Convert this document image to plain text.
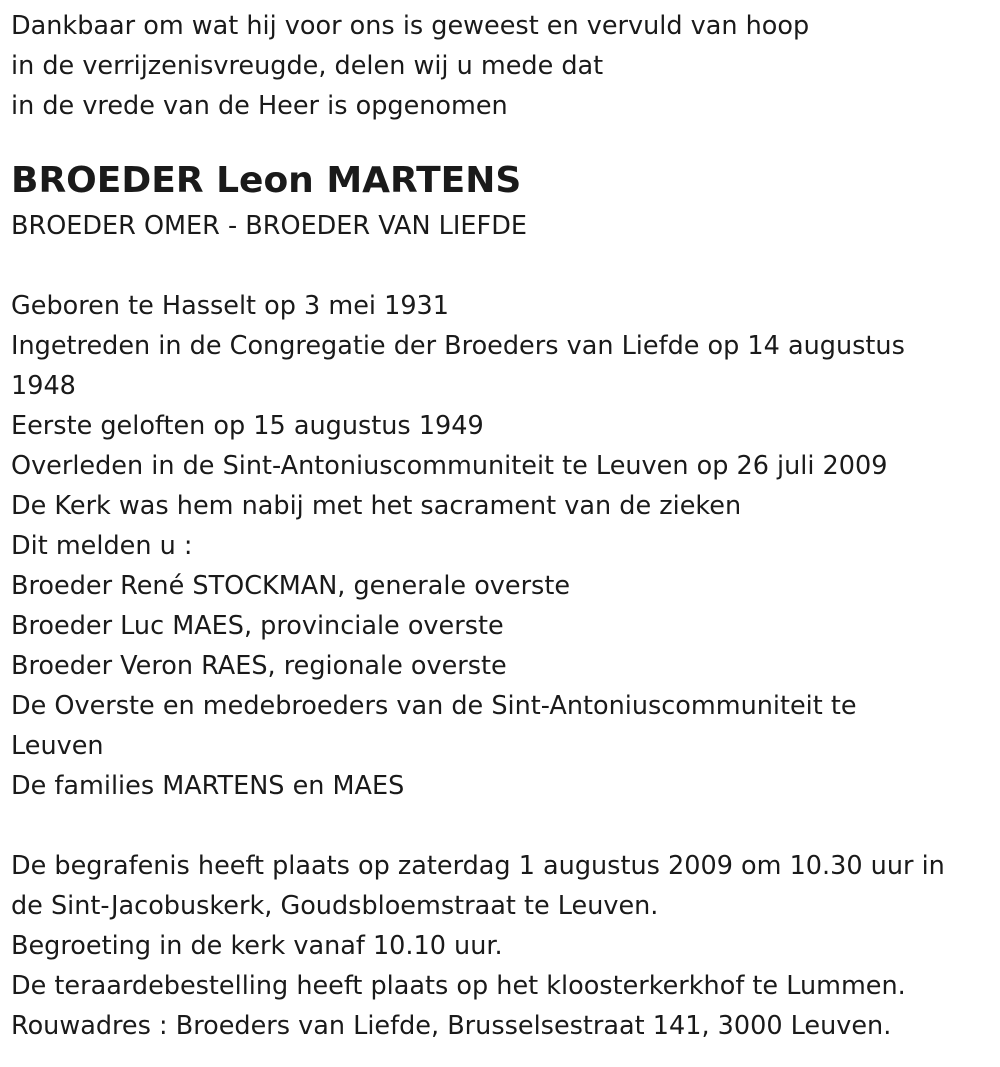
Dankbaar om wat hij voor ons is geweest en vervuld van hoop
in de verrijzenisvreugde, delen wij u mede dat
in de vrede van de Heer is opgenomen
BROEDER Leon MARTENS
BROEDER OMER - BROEDER VAN LIEFDE
Geboren te Hasselt op 3 mei 1931
Ingetreden in de Congregatie der Broeders van Liefde op 14 augustus
1948
Eerste geloften op 15 augustus 1949
Overleden in de Sint-Antoniuscommuniteit te Leuven op 26 juli 2009
De Kerk was hem nabij met het sacrament van de zieken
Dit melden u :
Broeder René STOCKMAN, generale overste
Broeder Luc MAES, provinciale overste
Broeder Veron RAES, regionale overste
De Overste en medebroeders van de Sint-Antoniuscommuniteit te
Leuven
De families MARTENS en MAES
De begrafenis heeft plaats op zaterdag 1 augustus 2009 om 10.30 uur in
de Sint-Jacobuskerk, Goudsbloemstraat te Leuven.
Begroeting in de kerk vanaf 10.10 uur.
De teraardebestelling heeft plaats op het kloosterkerkhof te Lummen.
Rouwadres : Broeders van Liefde, Brusselsestraat 141, 3000 Leuven.
